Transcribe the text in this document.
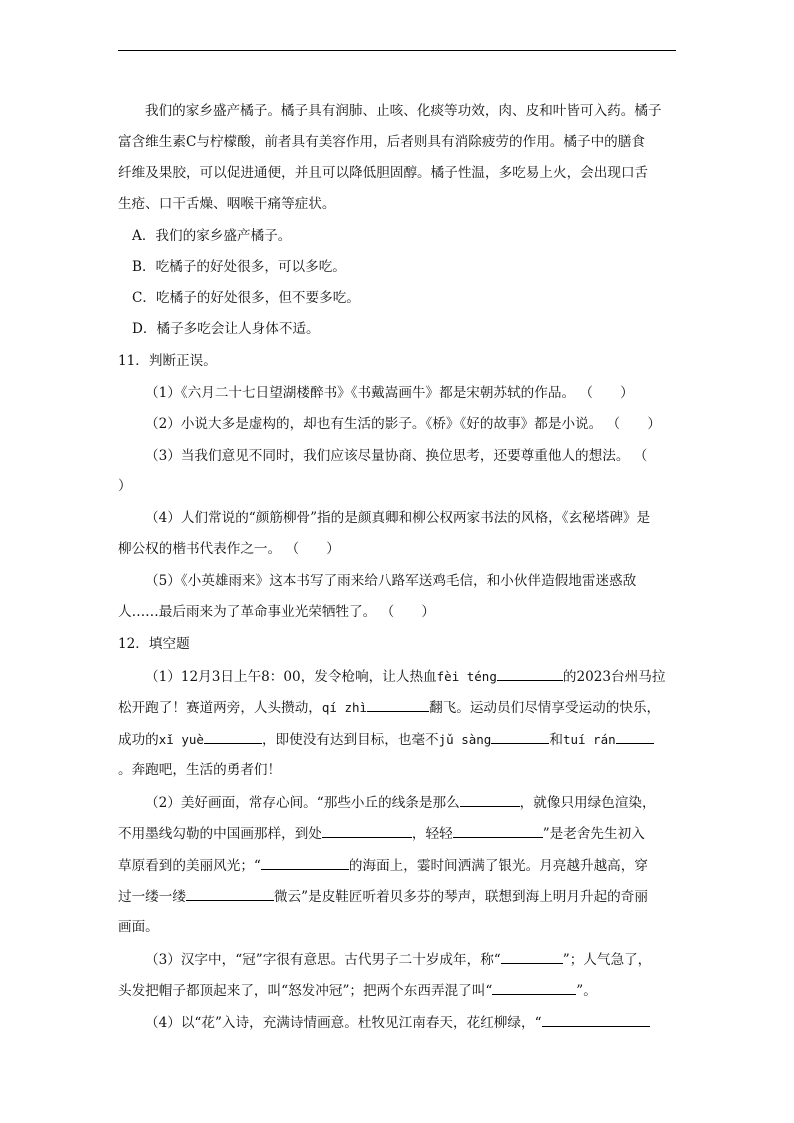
我们的家乡盛产橘子。橘子具有润肺、止咳、化痰等功效，肉、皮和叶皆可入药。橘子
富含维生素C与柠檬酸，前者具有美容作用，后者则具有消除疲劳的作用。橘子中的膳食
纤维及果胶，可以促进通便，并且可以降低胆固醇。橘子性温，多吃易上火，会出现口舌
生疮、口干舌燥、咽喉干痛等症状。
A．我们的家乡盛产橘子。
B．吃橘子的好处很多，可以多吃。
C．吃橘子的好处很多，但不要多吃。
D．橘子多吃会让人身体不适。
11．判断正误。
（1）《六月二十七日望湖楼醉书》《书戴嵩画牛》都是宋朝苏轼的作品。 （　　）
（2）小说大多是虚构的，却也有生活的影子。《桥》《好的故事》都是小说。 （　　）
（3）当我们意见不同时，我们应该尽量协商、换位思考，还要尊重他人的想法。 （
）
（4）人们常说的“颜筋柳骨”指的是颜真卿和柳公权两家书法的风格，《玄秘塔碑》是
柳公权的楷书代表作之一。 （　　）
（5）《小英雄雨来》这本书写了雨来给八路军送鸡毛信，和小伙伴造假地雷迷惑敌
人……最后雨来为了革命事业光荣牺牲了。 （　　）
12．填空题
（1）12月3日上午8：00，发令枪响，让人热血fèi téng	的2023台州马拉
松开跑了！赛道两旁，人头攒动，qí zhì	翻飞。运动员们尽情享受运动的快乐，
成功的xǐ yuè	，即使没有达到目标，也毫不jǔ sàng	和tuí rán
。奔跑吧，生活的勇者们！
（2）美好画面，常存心间。“那些小丘的线条是那么	，就像只用绿色渲染，
不用墨线勾勒的中国画那样，到处	，轻轻	”是老舍先生初入
草原看到的美丽风光；“	的海面上，霎时间洒满了银光。月亮越升越高，穿
过一缕一缕	微云”是皮鞋匠听着贝多芬的琴声，联想到海上明月升起的奇丽
画面。
（3）汉字中，“冠”字很有意思。古代男子二十岁成年，称“	”；人气急了，
头发把帽子都顶起来了，叫“怒发冲冠”；把两个东西弄混了叫“	”。
（4）以“花”入诗，充满诗情画意。杜牧见江南春天，花红柳绿，“
